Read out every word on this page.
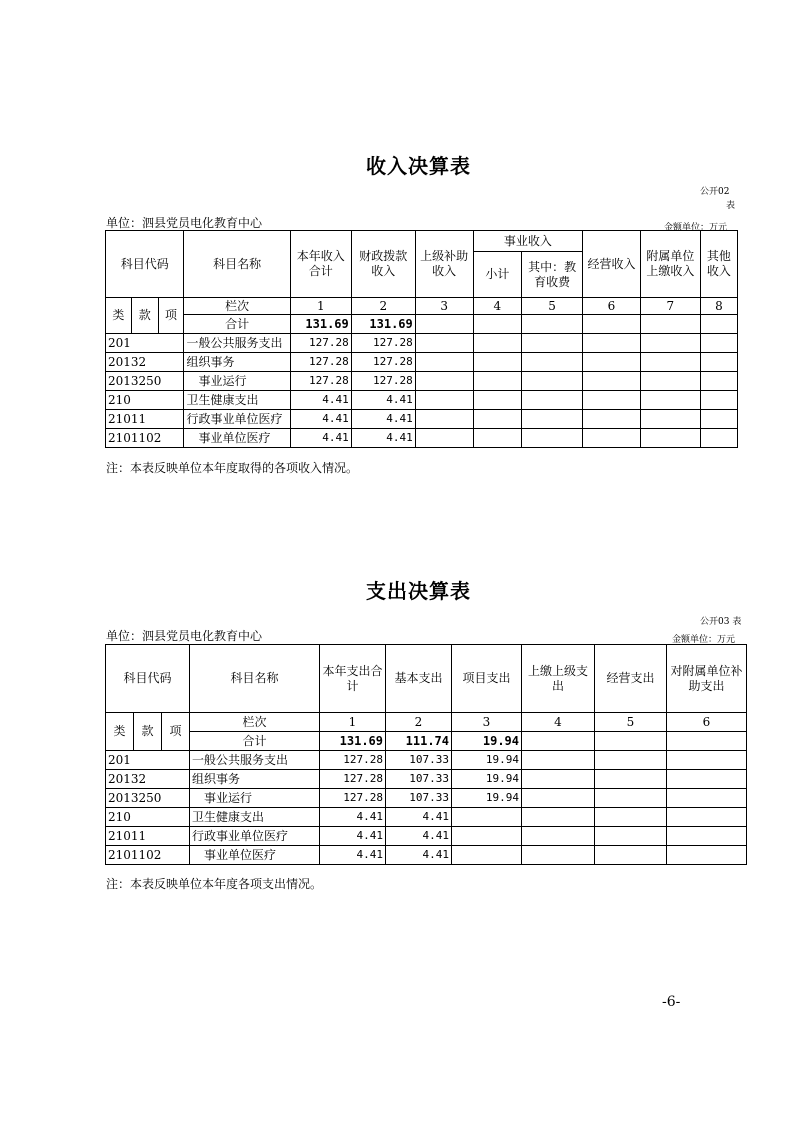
收入决算表
公开02
表
单位：泗县党员电化教育中心	金额单位：万元
科目代码			科目名称	本年收入合计	财政拨款收入	上级补助收入	事业收入		经营收入	附属单位上缴收入	其他收入
							小计	其中：教育收费			

类	款	项	栏次	1	2	3	4	5	6	7	8
			合计	131.69	131.69						
201			一般公共服务支出	127.28	127.28						
20132			组织事务	127.28	127.28						
2013250			事业运行	127.28	127.28						
210			卫生健康支出	4.41	4.41						
21011			行政事业单位医疗	4.41	4.41						
2101102			事业单位医疗	4.41	4.41						
注：本表反映单位本年度取得的各项收入情况。
支出决算表
公开03 表
单位：泗县党员电化教育中心	金额单位：万元
科目代码			科目名称	本年支出合计	基本支出	项目支出	上缴上级支出	经营支出	对附属单位补助支出
类	款	项	栏次	1	2	3	4	5	6
			合计	131.69	111.74	19.94			
201			一般公共服务支出	127.28	107.33	19.94			
20132			组织事务	127.28	107.33	19.94			
2013250			事业运行	127.28	107.33	19.94			
210			卫生健康支出	4.41	4.41				
21011			行政事业单位医疗	4.41	4.41				
2101102			事业单位医疗	4.41	4.41				
注：本表反映单位本年度各项支出情况。
-6-
